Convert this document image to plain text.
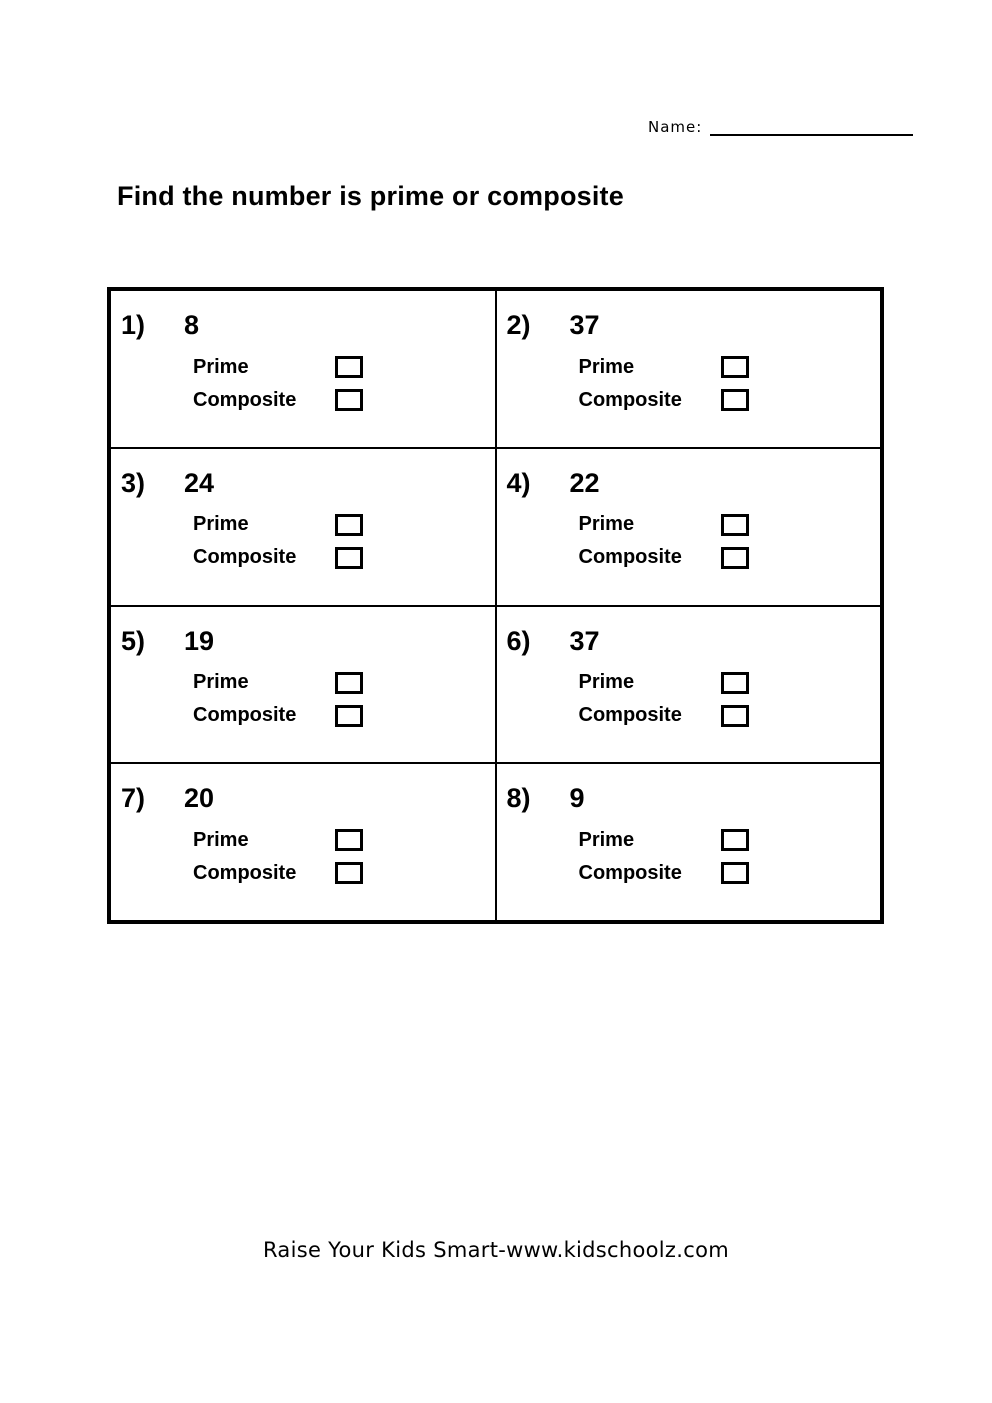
Name:
Find the number is prime or composite
1)	8
Prime
Composite
2)	37
Prime
Composite
3)	24
Prime
Composite
4)	22
Prime
Composite
5)	19
Prime
Composite
6)	37
Prime
Composite
7)	20
Prime
Composite
8)	9
Prime
Composite
Raise Your Kids Smart-www.kidschoolz.com
